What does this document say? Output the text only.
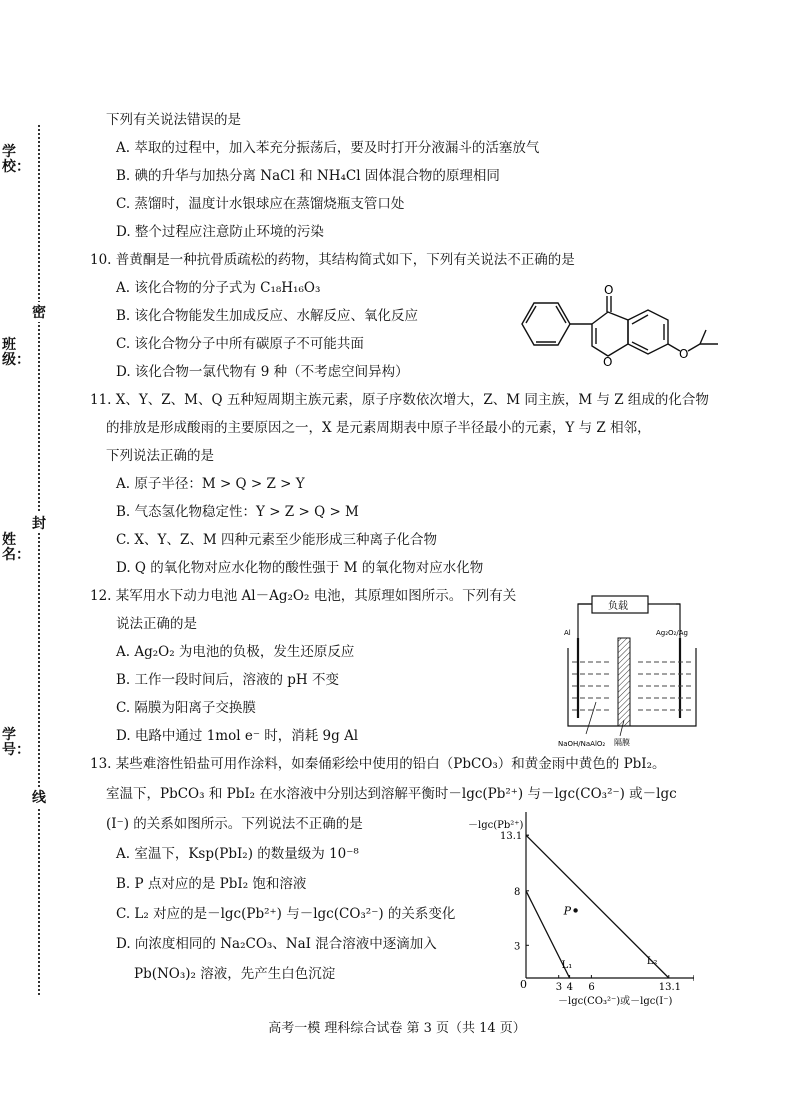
学校：
班级：
姓名：
学号：
密
封
线
下列有关说法错误的是
A. 萃取的过程中，加入苯充分振荡后，要及时打开分液漏斗的活塞放气
B. 碘的升华与加热分离 NaCl 和 NH₄Cl 固体混合物的原理相同
C. 蒸馏时，温度计水银球应在蒸馏烧瓶支管口处
D. 整个过程应注意防止环境的污染
10. 普黄酮是一种抗骨质疏松的药物，其结构简式如下，下列有关说法不正确的是
A. 该化合物的分子式为 C₁₈H₁₆O₃
B. 该化合物能发生加成反应、水解反应、氧化反应
C. 该化合物分子中所有碳原子不可能共面
D. 该化合物一氯代物有 9 种（不考虑空间异构）
O
O
O
11. X、Y、Z、M、Q 五种短周期主族元素，原子序数依次增大，Z、M 同主族，M 与 Z 组成的化合物
的排放是形成酸雨的主要原因之一，X 是元素周期表中原子半径最小的元素，Y 与 Z 相邻，
下列说法正确的是
A. 原子半径：M > Q > Z > Y
B. 气态氢化物稳定性：Y > Z > Q > M
C. X、Y、Z、M 四种元素至少能形成三种离子化合物
D. Q 的氧化物对应水化物的酸性强于 M 的氧化物对应水化物
12. 某军用水下动力电池 Al－Ag₂O₂ 电池，其原理如图所示。下列有关
说法正确的是
A. Ag₂O₂ 为电池的负极，发生还原反应
B. 工作一段时间后，溶液的 pH 不变
C. 隔膜为阳离子交换膜
D. 电路中通过 1mol e⁻ 时，消耗 9g Al
负载
Al	Ag₂O₂/Ag
NaOH/NaAlO₂ 隔膜
13. 某些难溶性铅盐可用作涂料，如秦俑彩绘中使用的铅白（PbCO₃）和黄金雨中黄色的 PbI₂。
室温下，PbCO₃ 和 PbI₂ 在水溶液中分别达到溶解平衡时－lgc(Pb²⁺) 与－lgc(CO₃²⁻) 或－lgc
(I⁻) 的关系如图所示。下列说法不正确的是
A. 室温下，Ksp(PbI₂) 的数量级为 10⁻⁸
B. P 点对应的是 PbI₂ 饱和溶液
C. L₂ 对应的是－lgc(Pb²⁺) 与－lgc(CO₃²⁻) 的关系变化
D. 向浓度相同的 Na₂CO₃、NaI 混合溶液中逐滴加入
Pb(NO₃)₂ 溶液，先产生白色沉淀
－lgc(Pb²⁺)
－lgc(CO₃²⁻)或－lgc(I⁻)
0	3 4 6	13.1
3
8
13.1
L₁	L₂
P
高考一模 理科综合试卷 第 3 页（共 14 页）
